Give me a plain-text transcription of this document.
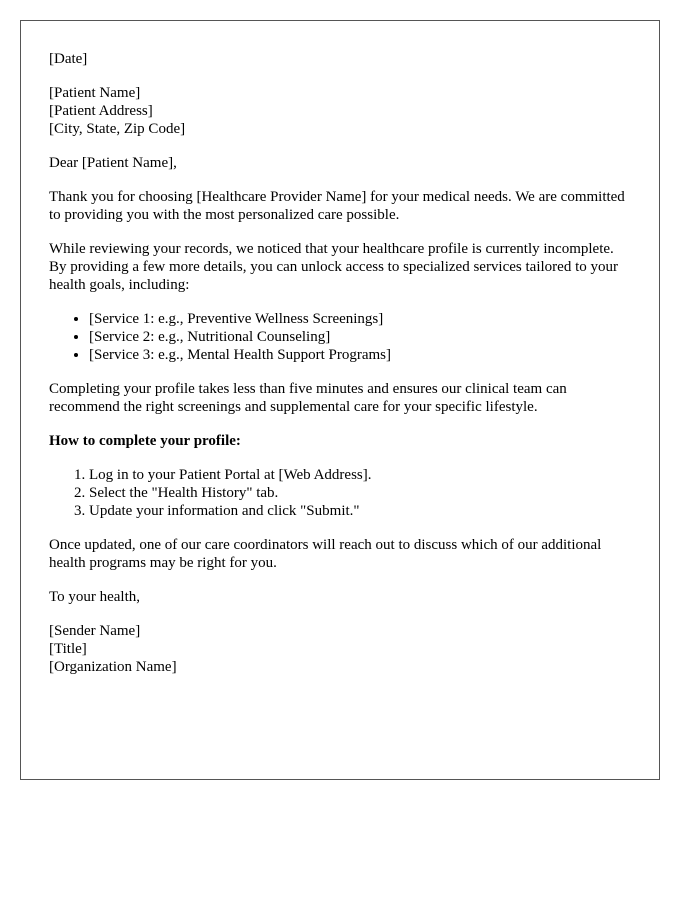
[Date]

[Patient Name]
[Patient Address]
[City, State, Zip Code]

Dear [Patient Name],

Thank you for choosing [Healthcare Provider Name] for your medical needs. We are committed to providing you with the most personalized care possible.

While reviewing your records, we noticed that your healthcare profile is currently incomplete. By providing a few more details, you can unlock access to specialized services tailored to your health goals, including:

• [Service 1: e.g., Preventive Wellness Screenings]
• [Service 2: e.g., Nutritional Counseling]
• [Service 3: e.g., Mental Health Support Programs]

Completing your profile takes less than five minutes and ensures our clinical team can recommend the right screenings and supplemental care for your specific lifestyle.

How to complete your profile:

1. Log in to your Patient Portal at [Web Address].
2. Select the "Health History" tab.
3. Update your information and click "Submit."

Once updated, one of our care coordinators will reach out to discuss which of our additional health programs may be right for you.

To your health,

[Sender Name]
[Title]
[Organization Name]
